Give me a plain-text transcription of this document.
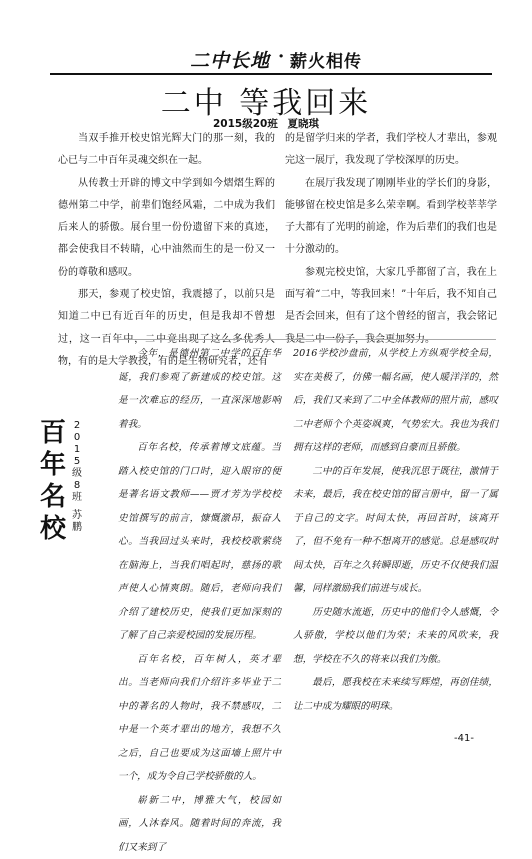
二中长地 · 薪火相传
二中 等我回来
2015级20班 夏晓琪

当双手推开校史馆光辉大门的那一刻，我的心已与二中百年灵魂交织在一起。

从传教士开辟的博文中学到如今熠熠生辉的德州第二中学，前辈们饱经风霜，二中成为我们后来人的骄傲。展台里一份份遗留下来的真迹，都会使我目不转睛，心中油然而生的是一份又一份的尊敬和感叹。

那天，参观了校史馆，我震撼了，以前只是知道二中已有近百年的历史，但是我却不曾想过，这一百年中，二中竟出现了这么多优秀人物，有的是大学教授，有的是生物研究者，还有

的是留学归来的学者，我们学校人才辈出，参观完这一展厅，我发现了学校深厚的历史。

在展厅我发现了刚刚毕业的学长们的身影，能够留在校史馆是多么荣幸啊。看到学校莘莘学子大都有了光明的前途，作为后辈们的我们也是十分激动的。

参观完校史馆，大家几乎都留了言，我在上面写着“二中，等我回来！”十年后，我不知自己是否会回来，但有了这个曾经的留言，我会铭记我是二中一份子，我会更加努力。

百
年
名
校
2
0
1
5
级
8
班
苏
鹏

今年，是德州第二中学的百年华诞，我们参观了新建成的校史馆。这是一次难忘的经历，一直深深地影响着我。

百年名校，传承着博文底蕴。当踏入校史馆的门口时，迎入眼帘的便是著名语文教师——贾才芳为学校校史馆撰写的前言，慷慨激昂，振奋人心。当我回过头来时，我校校歌萦绕在脑海上，当我们唱起时，慈扬的歌声使人心情爽朗。随后，老师向我们介绍了建校历史，使我们更加深刻的了解了自己亲爱校园的发展历程。

百年名校，百年树人，英才辈出。当老师向我们介绍许多毕业于二中的著名的人物时，我不禁感叹，二中是一个英才辈出的地方，我想不久之后，自己也要成为这面墙上照片中一个，成为令自己学校骄傲的人。

崭新二中，博雅大气，校园如画，人沐春风。随着时间的奔流，我们又来到了

2016学校沙盘前，从学校上方纵观学校全局，实在美极了，仿佛一幅名画，使人暖洋洋的，然后，我们又来到了二中全体教师的照片前，感叹二中老师个个英姿飒爽，气势宏大。我也为我们拥有这样的老师，而感到自豪而且骄傲。

二中的百年发展，使我沉思于既往，激情于未来，最后，我在校史馆的留言册中，留一了属于自己的文字。时间太快，再回首时，该离开了，但不免有一种不想离开的感觉。总是感叹时间太快，百年之久转瞬即逝，历史不仅使我们温馨，同样激励我们前进与成长。

历史随水流逝，历史中的他们令人感慨，令人骄傲，学校以他们为荣；未来的风吹来，我想，学校在不久的将来以我们为傲。

最后，愿我校在未来续写辉煌，再创佳绩，让二中成为耀眼的明珠。

-41-
